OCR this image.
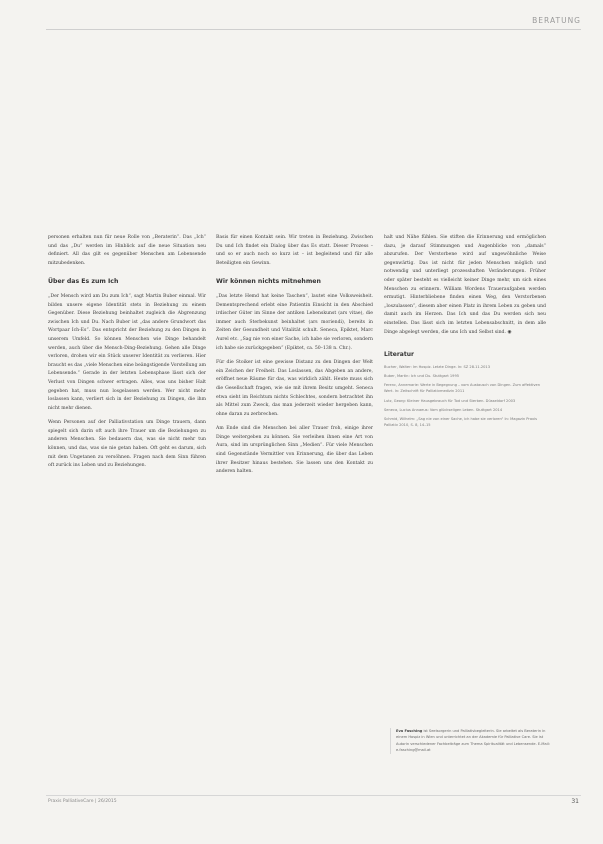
BERATUNG

personen erhalten nun für neue Rolle von „Beraterin“. Das „Ich“ und das „Du“ werden im Hinblick auf die neue Situation neu definiert. All das gilt es gegenüber Menschen am Lebensende mitzubedenken.

Über das Es zum Ich

„Der Mensch wird am Du zum Ich“, sagt Martin Buber einmal. Wir bilden unsere eigene Identität stets in Beziehung zu einem Gegenüber. Diese Beziehung beinhaltet zugleich die Abgrenzung zwischen Ich und Du. Nach Buber ist „das andere Grundwort das Wortpaar Ich-Es“. Das entspricht der Beziehung zu den Dingen in unserem Umfeld. So können Menschen wie Dinge behandelt werden, auch über die Mensch-Ding-Beziehung. Gehen alle Dinge verloren, drohen wir ein Stück unserer Identität zu verlieren. Hier braucht es das „viele Menschen eine beängstigende Vorstellung am Lebensende.“ Gerade in der letzten Lebensphase lässt sich der Verlust von Dingen schwer ertragen. Alles, was uns bisher Halt gegeben hat, muss nun losgelassen werden. Wer nicht mehr loslassen kann, verliert sich in der Beziehung zu Dingen, die ihm nicht mehr dienen.

Wenn Personen auf der Palliativstation um Dinge trauern, dann spiegelt sich darin oft auch ihre Trauer um die Beziehungen zu anderen Menschen. Sie bedauern das, was sie nicht mehr tun können, und das, was sie nie getan haben. Oft geht es darum, sich mit dem Ungetanen zu versöhnen. Fragen nach dem Sinn führen oft zurück ins Leben und zu Beziehungen.

Basis für einen Kontakt sein. Wir treten in Beziehung. Zwischen Du und Ich findet ein Dialog über das Es statt. Dieser Prozess – und so er auch noch so kurz ist – ist begleitend und für alle Beteiligten ein Gewinn.

Wir können nichts mitnehmen

„Das letzte Hemd hat keine Taschen“, lautet eine Volksweisheit. Dementsprechend erlebt eine Patientin Einsicht in den Abschied irdischer Güter im Sinne der antiken Lebenskunst (ars vitae), die immer auch Sterbekunst beinhaltet (ars moriendi), bereits in Zeiten der Gesundheit und Vitalität schult. Seneca, Epiktet, Marc Aurel etc. „Sag nie von einer Sache, ich habe sie verloren, sondern ich habe sie zurückgegeben“ (Epiktet, ca. 50–138 n. Chr.).

Für die Stoiker ist eine gewisse Distanz zu den Dingen der Welt ein Zeichen der Freiheit. Das Loslassen, das Abgeben an andere, eröffnet neue Räume für das, was wirklich zählt. Heute muss sich die Gesellschaft fragen, wie sie mit ihrem Besitz umgeht. Seneca etwa sieht im Reichtum nichts Schlechtes, sondern betrachtet ihn als Mittel zum Zweck, das man jederzeit wieder hergeben kann, ohne daran zu zerbrechen.

Am Ende sind die Menschen bei aller Trauer froh, einige ihrer Dinge weitergeben zu können. Sie verleihen ihnen eine Art von Aura, sind im ursprünglichen Sinn „Medien“. Für viele Menschen sind Gegenstände Vermittler von Erinnerung, die über das Leben ihrer Besitzer hinaus bestehen. Sie lassen uns den Kontakt zu anderen halten.

halt und Nähe fühlen. Sie stiften die Erinnerung und ermöglichen dazu, je darauf Stimmungen und Augenblicke von „damals“ abzurufen. Der Verstorbene wird auf ungewöhnliche Weise gegenwärtig. Das ist nicht für jeden Menschen möglich und notwendig und unterliegt prozesshaften Veränderungen. Früher oder später besteht es vielleicht keiner Dinge mehr, um sich eines Menschen zu erinnern. William Wordens Traueraufgaben werden ermutigt. Hinterbliebene finden einen Weg, den Verstorbenen „loszulassen“, diesem aber einen Platz in ihrem Leben zu geben und damit auch im Herzen. Das Ich und das Du werden sich neu einstellen. Das lässt sich im letzten Lebensabschnitt, in dem alle Dinge abgelegt werden, die uns Ich und Selbst sind. ◉

Literatur
Bucher, Walter: Im Hospiz. Letzte Dinge. In: SZ 28.11.2013
Buber, Martin: Ich und Du. Stuttgart 1995
Ferenc, Annemarie: Werte in Begegnung – vom Austausch von Dingen. Zum affektiven Wert. In: Zeitschrift für Palliativmedizin 2011
Lutz, Georg: Kleiner Hausgebrauch für Tod und Sterben. Düsseldorf 2003
Seneca, Lucius Annaeus: Vom glückseligen Leben. Stuttgart 2014
Schmid, Wilhelm: „Sag nie von einer Sache, ich habe sie verloren“ In: Magazin Praxis Palliativ 2010, S. 8, 14–15
Eva Fasching ist Seelsorgerin und Palliativbegleiterin. Sie arbeitet als Beraterin in einem Hospiz in Wien und unterrichtet an der Akademie für Palliative Care. Sie ist Autorin verschiedener Fachbeiträge zum Thema Spiritualität und Lebensende. E-Mail: e.fasching@mail.at
Praxis PalliativeCare | 26/2015	31
